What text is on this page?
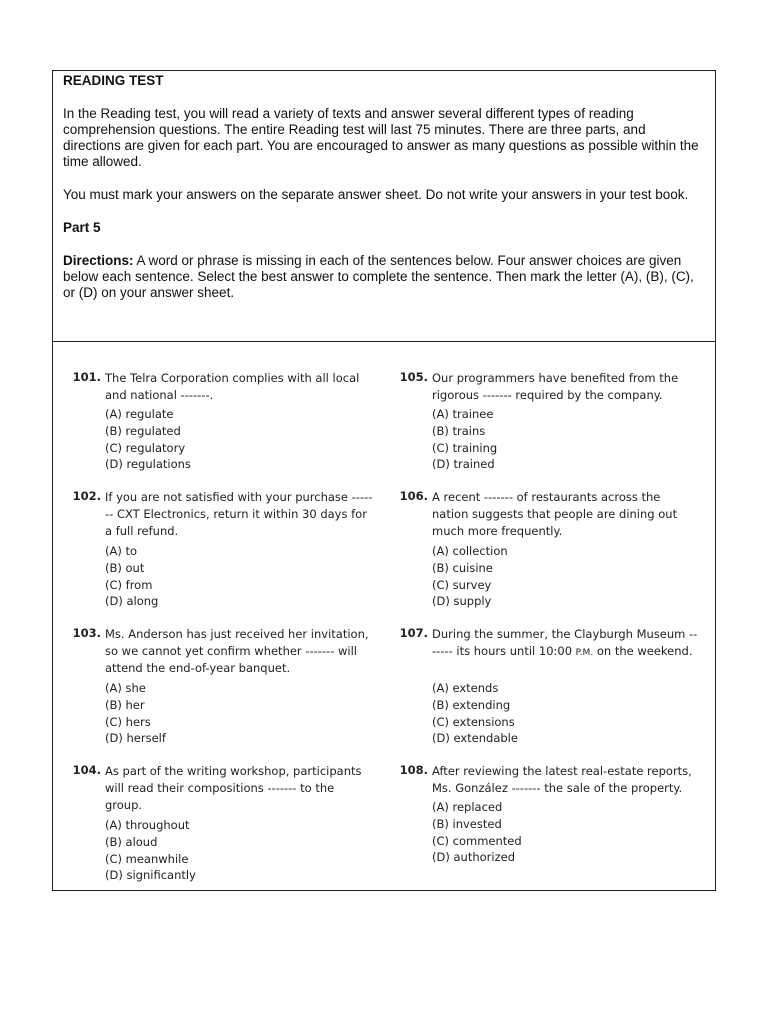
READING TEST

In the Reading test, you will read a variety of texts and answer several different types of reading comprehension questions. The entire Reading test will last 75 minutes. There are three parts, and directions are given for each part. You are encouraged to answer as many questions as possible within the time allowed.

You must mark your answers on the separate answer sheet. Do not write your answers in your test book.

Part 5

Directions: A word or phrase is missing in each of the sentences below. Four answer choices are given below each sentence. Select the best answer to complete the sentence. Then mark the letter (A), (B), (C), or (D) on your answer sheet.

101. The Telra Corporation complies with all local and national -------.
(A) regulate
(B) regulated
(C) regulatory
(D) regulations
102. If you are not satisfied with your purchase ------- CXT Electronics, return it within 30 days for a full refund.
(A) to
(B) out
(C) from
(D) along
103. Ms. Anderson has just received her invitation, so we cannot yet confirm whether ------- will attend the end-of-year banquet.
(A) she
(B) her
(C) hers
(D) herself
104. As part of the writing workshop, participants will read their compositions ------- to the group.
(A) throughout
(B) aloud
(C) meanwhile
(D) significantly
105. Our programmers have benefited from the rigorous ------- required by the company.
(A) trainee
(B) trains
(C) training
(D) trained
106. A recent ------- of restaurants across the nation suggests that people are dining out much more frequently.
(A) collection
(B) cuisine
(C) survey
(D) supply
107. During the summer, the Clayburgh Museum ------- its hours until 10:00 P.M. on the weekend.
(A) extends
(B) extending
(C) extensions
(D) extendable
108. After reviewing the latest real-estate reports, Ms. González ------- the sale of the property.
(A) replaced
(B) invested
(C) commented
(D) authorized
